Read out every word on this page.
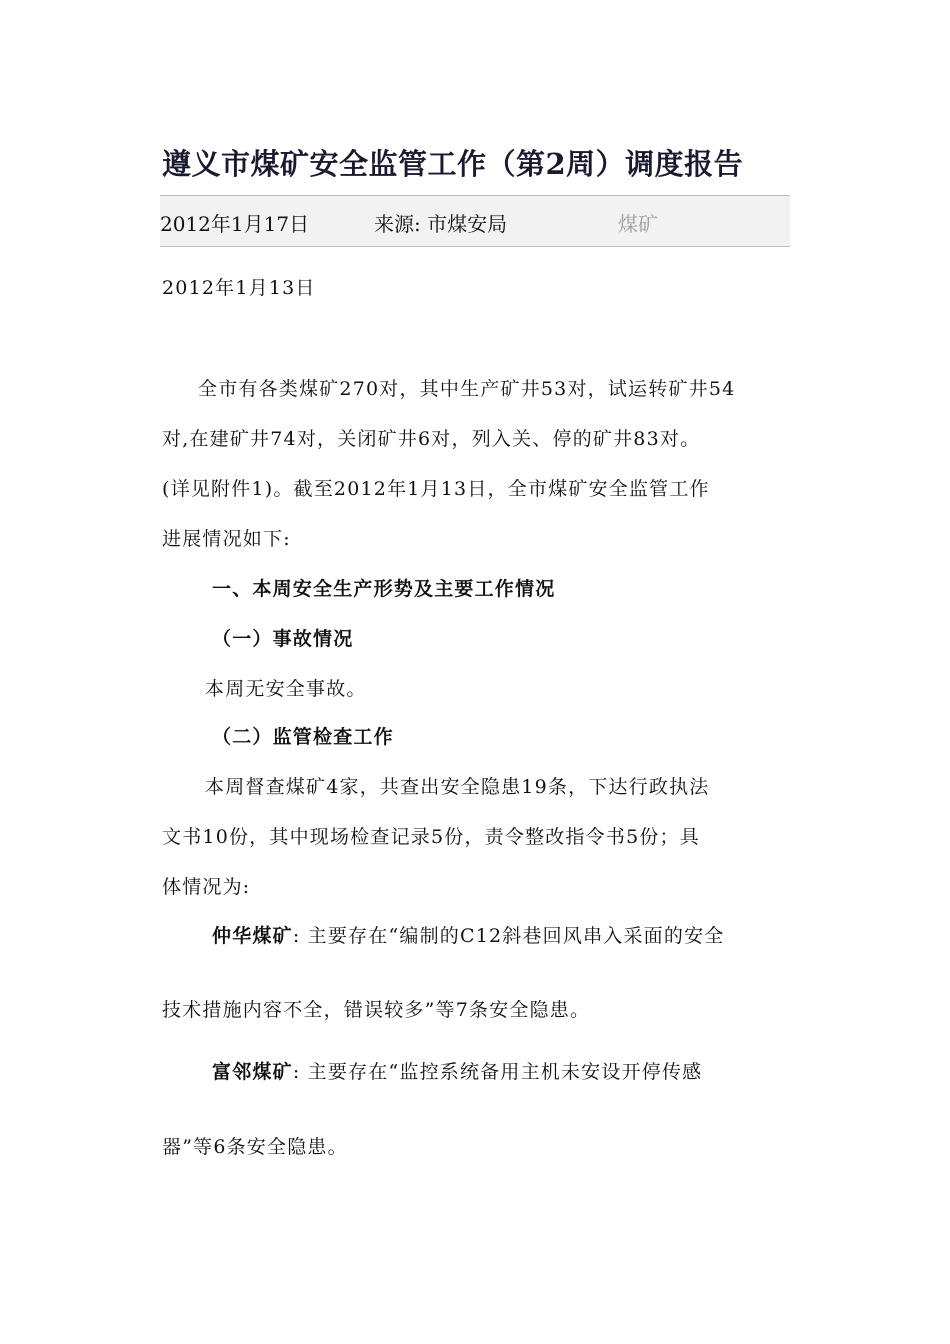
遵义市煤矿安全监管工作（第2周）调度报告
2012年1月17日	来源: 市煤安局	煤矿
2012年1月13日
全市有各类煤矿270对，其中生产矿井53对，试运转矿井54
对,在建矿井74对，关闭矿井6对，列入关、停的矿井83对。
(详见附件1)。截至2012年1月13日，全市煤矿安全监管工作
进展情况如下:
一、本周安全生产形势及主要工作情况
（一）事故情况
本周无安全事故。
（二）监管检查工作
本周督查煤矿4家，共查出安全隐患19条，下达行政执法
文书10份，其中现场检查记录5份，责令整改指令书5份；具
体情况为:
仲华煤矿: 主要存在“编制的C12斜巷回风串入采面的安全
技术措施内容不全，错误较多”等7条安全隐患。
富邻煤矿: 主要存在“监控系统备用主机未安设开停传感
器”等6条安全隐患。
